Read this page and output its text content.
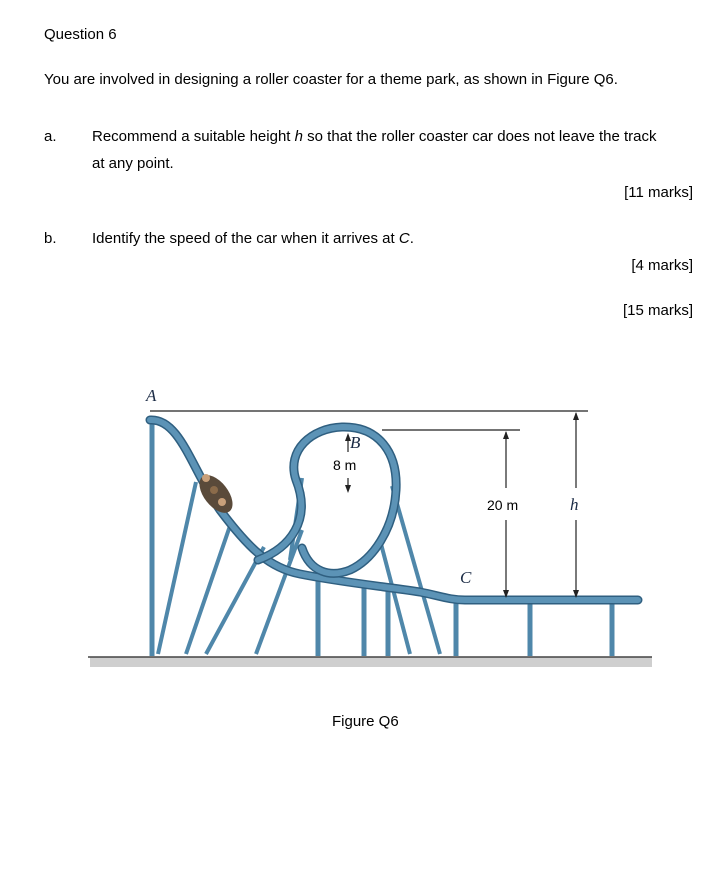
Question 6
You are involved in designing a roller coaster for a theme park, as shown in Figure Q6.
a. Recommend a suitable height h so that the roller coaster car does not leave the track
at any point.
[11 marks]
b. Identify the speed of the car when it arrives at C.
[4 marks]
[15 marks]
A
B
C
8 m
20 m	h
Figure Q6
